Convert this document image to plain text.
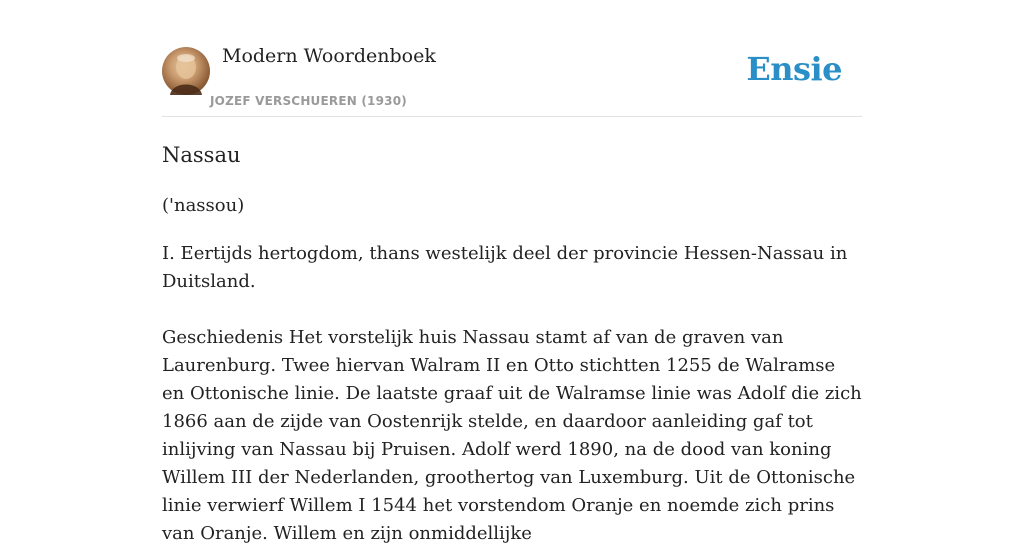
Modern Woordenboek
JOZEF VERSCHUEREN (1930)
Ensie
Nassau
('nassou)
I. Eertijds hertogdom, thans westelijk deel der provincie Hessen-Nassau in Duitsland.
Geschiedenis Het vorstelijk huis Nassau stamt af van de graven van Laurenburg. Twee hiervan Walram II en Otto stichtten 1255 de Walramse en Ottonische linie. De laatste graaf uit de Walramse linie was Adolf die zich 1866 aan de zijde van Oostenrijk stelde, en daardoor aanleiding gaf tot inlijving van Nassau bij Pruisen. Adolf werd 1890, na de dood van koning Willem III der Nederlanden, groothertog van Luxemburg. Uit de Ottonische linie verwierf Willem I 1544 het vorstendom Oranje en noemde zich prins van Oranje. Willem en zijn onmiddellijke
